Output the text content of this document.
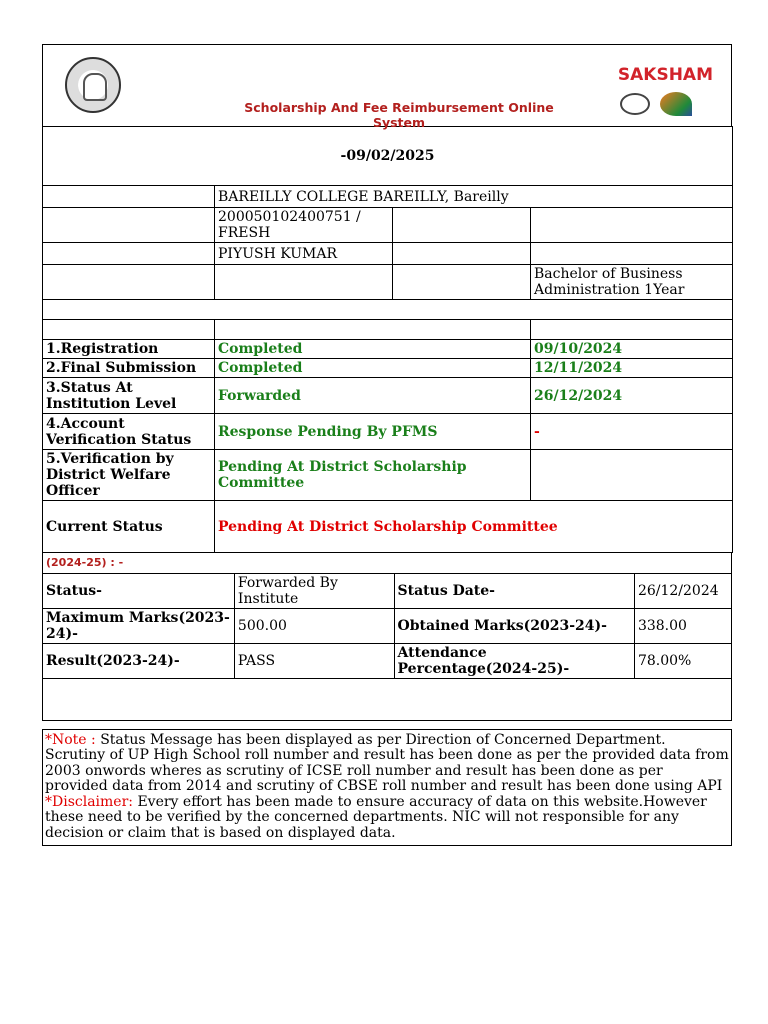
Scholarship And Fee Reimbursement Online System
SAKSHAM
-09/02/2025			

	BAREILLY COLLEGE BAREILLY, Bareilly		
	200050102400751 / FRESH		
	PIYUSH KUMAR		
			Bachelor of Business Administration 1Year

1.Registration	Completed		09/10/2024
2.Final Submission	Completed		12/11/2024
3.Status At Institution Level	Forwarded		26/12/2024
4.Account Verification Status	Response Pending By PFMS		-
5.Verification by District Welfare Officer	Pending At District Scholarship Committee		
Current Status	Pending At District Scholarship Committee		
(2024-25) : -			
Status-	Forwarded By Institute	Status Date-	26/12/2024
Maximum Marks(2023-24)-	500.00	Obtained Marks(2023-24)-	338.00
Result(2023-24)-	PASS	Attendance Percentage(2024-25)-	78.00%

*Note : Status Message has been displayed as per Direction of Concerned Department. Scrutiny of UP High School roll number and result has been done as per the provided data from 2003 onwords wheres as scrutiny of ICSE roll number and result has been done as per provided data from 2014 and scrutiny of CBSE roll number and result has been done using API
*Disclaimer: Every effort has been made to ensure accuracy of data on this website.However these need to be verified by the concerned departments. NIC will not responsible for any decision or claim that is based on displayed data.
